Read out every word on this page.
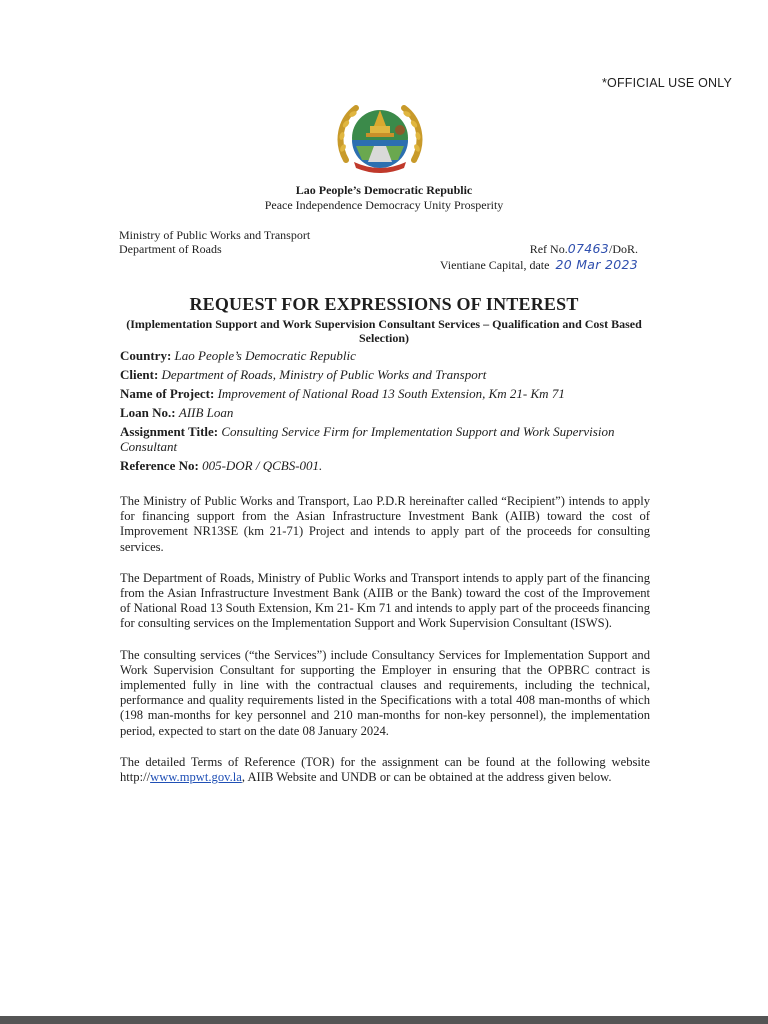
*OFFICIAL USE ONLY
Lao People’s Democratic Republic
Peace Independence Democracy Unity Prosperity
Ministry of Public Works and Transport
Department of Roads	Ref No.07463/DoR.
Vientiane Capital, date 20 Mar 2023
REQUEST FOR EXPRESSIONS OF INTEREST
(Implementation Support and Work Supervision Consultant Services – Qualification and Cost Based Selection)
Country: Lao People’s Democratic Republic
Client: Department of Roads, Ministry of Public Works and Transport
Name of Project: Improvement of National Road 13 South Extension, Km 21- Km 71
Loan No.: AIIB Loan
Assignment Title: Consulting Service Firm for Implementation Support and Work Supervision Consultant
Reference No: 005-DOR / QCBS-001.

The Ministry of Public Works and Transport, Lao P.D.R hereinafter called “Recipient”) intends to apply for financing support from the Asian Infrastructure Investment Bank (AIIB) toward the cost of Improvement NR13SE (km 21-71) Project and intends to apply part of the proceeds for consulting services.

The Department of Roads, Ministry of Public Works and Transport intends to apply part of the financing from the Asian Infrastructure Investment Bank (AIIB or the Bank) toward the cost of the Improvement of National Road 13 South Extension, Km 21- Km 71 and intends to apply part of the proceeds financing for consulting services on the Implementation Support and Work Supervision Consultant (ISWS).

The consulting services (“the Services”) include Consultancy Services for Implementation Support and Work Supervision Consultant for supporting the Employer in ensuring that the OPBRC contract is implemented fully in line with the contractual clauses and requirements, including the technical, performance and quality requirements listed in the Specifications with a total 408 man-months of which (198 man-months for key personnel and 210 man-months for non-key personnel), the implementation period, expected to start on the date 08 January 2024.

The detailed Terms of Reference (TOR) for the assignment can be found at the following website http://www.mpwt.gov.la, AIIB Website and UNDB or can be obtained at the address given below.
